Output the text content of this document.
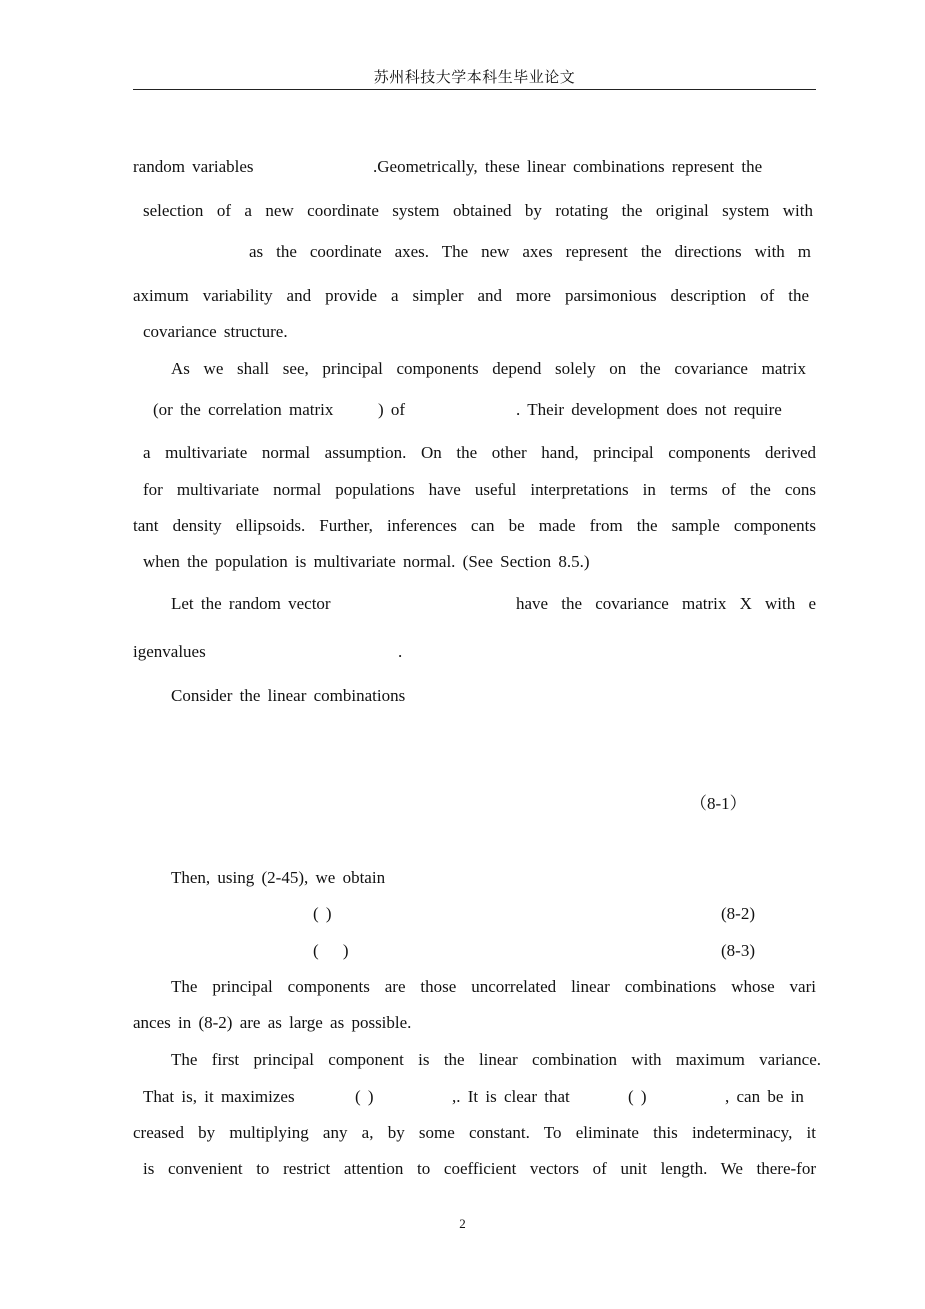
苏州科技大学本科生毕业论文
random variables	.Geometrically, these linear combinations represent the
selection of a new coordinate system obtained by rotating the original system with
as the coordinate axes. The new axes represent the directions with m
aximum variability and provide a simpler and more parsimonious description of the
covariance structure.
As we shall see, principal components depend solely on the covariance matrix
(or the correlation matrix	) of	. Their development does not require
a multivariate normal assumption. On the other hand, principal components derived
for multivariate normal populations have useful interpretations in terms of the cons
tant density ellipsoids. Further, inferences can be made from the sample components
when the population is multivariate normal. (See Section 8.5.)
Let the random vector	have the covariance matrix X with e
igenvalues	.
Consider the linear combinations
（8-1）
Then, using (2-45), we obtain
( )	(8-2)
(　 )	(8-3)
The principal components are those uncorrelated linear combinations whose vari
ances in (8-2) are as large as possible.
The first principal component is the linear combination with maximum variance.
That is, it maximizes	( )	,. It is clear that	( )	, can be in
creased by multiplying any a, by some constant. To eliminate this indeterminacy, it
is convenient to restrict attention to coefficient vectors of unit length. We there-for
2
